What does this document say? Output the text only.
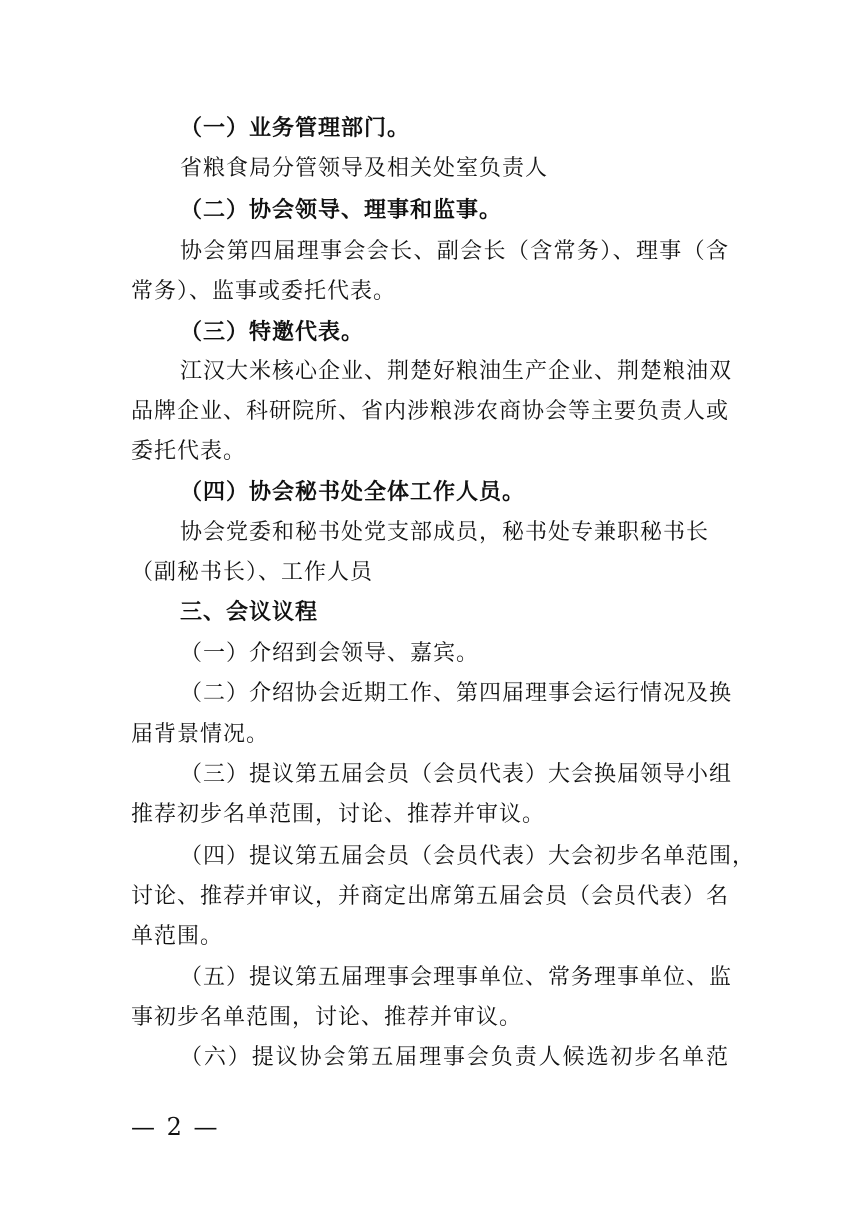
（一）业务管理部门。
省粮食局分管领导及相关处室负责人
（二）协会领导、理事和监事。
协会第四届理事会会长、副会长（含常务）、理事（含
常务）、监事或委托代表。
（三）特邀代表。
江汉大米核心企业、荆楚好粮油生产企业、荆楚粮油双
品牌企业、科研院所、省内涉粮涉农商协会等主要负责人或
委托代表。
（四）协会秘书处全体工作人员。
协会党委和秘书处党支部成员，秘书处专兼职秘书长
（副秘书长）、工作人员
三、会议议程
（一）介绍到会领导、嘉宾。
（二）介绍协会近期工作、第四届理事会运行情况及换
届背景情况。
（三）提议第五届会员（会员代表）大会换届领导小组
推荐初步名单范围，讨论、推荐并审议。
（四）提议第五届会员（会员代表）大会初步名单范围，
讨论、推荐并审议，并商定出席第五届会员（会员代表）名
单范围。
（五）提议第五届理事会理事单位、常务理事单位、监
事初步名单范围，讨论、推荐并审议。
（六）提议协会第五届理事会负责人候选初步名单范
— 2 —
